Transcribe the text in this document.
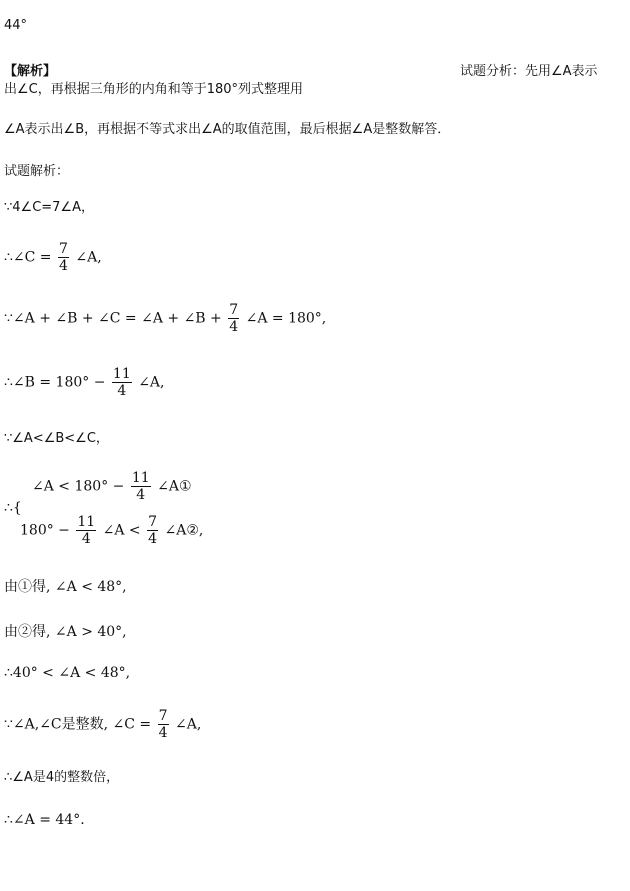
44°
【解析】	试题分析：先用∠A表示
出∠C，再根据三角形的内角和等于180°列式整理用
∠A表示出∠B，再根据不等式求出∠A的取值范围，最后根据∠A是整数解答．
试题解析：
∵4∠C=7∠A，
∴∠C = $\frac{7}{4}$ ∠A,
∵∠A + ∠B + ∠C = ∠A + ∠B + $\frac{7}{4}$ ∠A = 180°,
∴∠B = $180^\circ - \frac{11}{4}$ ∠A,
∵∠A<∠B<∠C，
∴{
∠A < $180^\circ - \frac{11}{4}$ ∠A①
$180^\circ - \frac{11}{4}$ ∠A < $\frac{7}{4}$ ∠A②,
由①得, ∠A < 48°,
由②得, ∠A > 40°,
∴40° < ∠A < 48°,
∵∠A,∠C是整数, ∠C = $\frac{7}{4}$ ∠A,
∴∠A是4的整数倍，
∴∠A = 44°.
